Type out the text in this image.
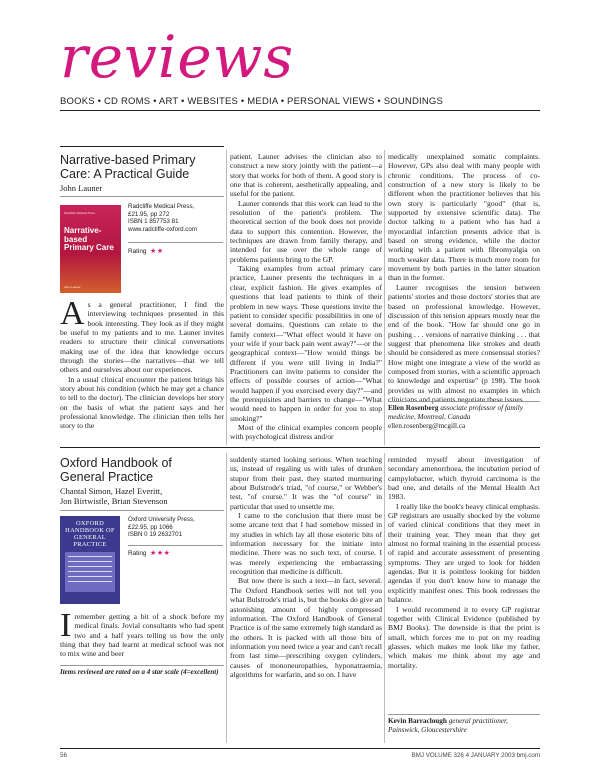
reviews
BOOKS • CD ROMS • ART • WEBSITES • MEDIA • PERSONAL VIEWS • SOUNDINGS
Narrative-based Primary
Care: A Practical Guide
John Launer
Radcliffe Medical Press
Narrative-based Primary Care
John Launer
Radcliffe Medical Press,
£21.95, pp 272
ISBN 1 857753 81
www.radcliffe-oxford.com
Rating ★★

As a general practitioner, I find the interviewing techniques presented in this book interesting. They look as if they might be useful to my patients and to me. Launer invites readers to structure their clinical conversations making use of the idea that knowledge occurs through the stories—the narratives—that we tell others and ourselves about our experiences.

In a usual clinical encounter the patient brings his story about his condition (which he may get a chance to tell to the doctor). The clinician develops her story on the basis of what the patient says and her professional knowledge. The clinician then tells her story to the

patient. Launer advises the clinician also to construct a new story jointly with the patient—a story that works for both of them. A good story is one that is coherent, aesthetically appealing, and useful for the patient.

Launer contends that this work can lead to the resolution of the patient's problem. The theoretical section of the book does not provide data to support this contention. However, the techniques are drawn from family therapy, and intended for use over the whole range of problems patients bring to the GP.

Taking examples from actual primary care practice, Launer presents the techniques in a clear, explicit fashion. He gives examples of questions that lead patients to think of their problem in new ways. These questions invite the patient to consider specific possibilities in one of several domains. Questions can relate to the family context—"What effect would it have on your wife if your back pain went away?"—or the geographical context—"How would things be different if you were still living in India?" Practitioners can invite patients to consider the effects of possible courses of action—"What would happen if you exercised every day?"—and the prerequisites and barriers to change—"What would need to happen in order for you to stop smoking?"

Most of the clinical examples concern people with psychological distress and/or

medically unexplained somatic complaints. However, GPs also deal with many people with chronic conditions. The process of co-construction of a new story is likely to be different when the practitioner believes that his own story is particularly "good" (that is, supported by extensive scientific data). The doctor talking to a patient who has had a myocardial infarction presents advice that is based on strong evidence, while the doctor working with a patient with fibromyalgia on much weaker data. There is much more room for movement by both parties in the latter situation than in the former.

Launer recognises the tension between patients' stories and those doctors' stories that are based on professional knowledge. However, discussion of this tension appears mostly near the end of the book. "How far should one go in pushing . . . versions of narrative thinking . . . that suggest that phenomena like strokes and death should be considered as mere consensual stories? How might one integrate a view of the world as composed from stories, with a scientific approach to knowledge and expertise" (p 198). The book provides us with almost no examples in which clinicians and patients negotiate these issues.

Ellen Rosenberg associate professor of family medicine, Montreal, Canada
ellen.rosenberg@mcgill.ca
Oxford Handbook of
General Practice
Chantal Simon, Hazel Everitt,
Jon Birtwistle, Brian Stevenson
OXFORD HANDBOOK OF GENERAL PRACTICE
Oxford University Press,
£22.95, pp 1066
ISBN 0 19 2632701
Rating ★★★

Iremember getting a bit of a shock before my medical finals. Jovial consultants who had spent two and a half years telling us how the only thing that they had learnt at medical school was not to mix wine and beer

Items reviewed are rated on a 4 star scale (4=excellent)

suddenly started looking serious. When teaching us, instead of regaling us with tales of drunken stupor from their past, they started murmuring about Bulstrode's triad, "of course," or Webber's test, "of course." It was the "of course" in particular that used to unsettle me.

I came to the conclusion that there must be some arcane text that I had somehow missed in my studies in which lay all those esoteric bits of information necessary for the initiate into medicine. There was no such text, of course. I was merely experiencing the embarrassing recognition that medicine is difficult.

But now there is such a text—in fact, several. The Oxford Handbook series will not tell you what Bulstrode's triad is, but the books do give an astonishing amount of highly compressed information. The Oxford Handbook of General Practice is of the same extremely high standard as the others. It is packed with all those bits of information you need twice a year and can't recall from last time—prescribing oxygen cylinders, causes of mononeuropathies, hyponatraemia, algorithms for warfarin, and so on. I have

reminded myself about investigation of secondary amenorrhoea, the incubation period of campylobacter, which thyroid carcinoma is the bad one, and details of the Mental Health Act 1983.

I really like the book's heavy clinical emphasis. GP registrars are usually shocked by the volume of varied clinical conditions that they meet in their training year. They mean that they get almost no formal training in the essential process of rapid and accurate assessment of presenting symptoms. They are urged to look for hidden agendas. But it is pointless looking for hidden agendas if you don't know how to manage the explicitly manifest ones. This book redresses the balance.

I would recommend it to every GP registrar together with Clinical Evidence (published by BMJ Books). The downside is that the print is small, which forces me to put on my reading glasses, which makes me look like my father, which makes me think about my age and mortality.

Kevin Barraclough general practitioner, Painswick, Gloucestershire
56	BMJ VOLUME 326 4 JANUARY 2003 bmj.com
